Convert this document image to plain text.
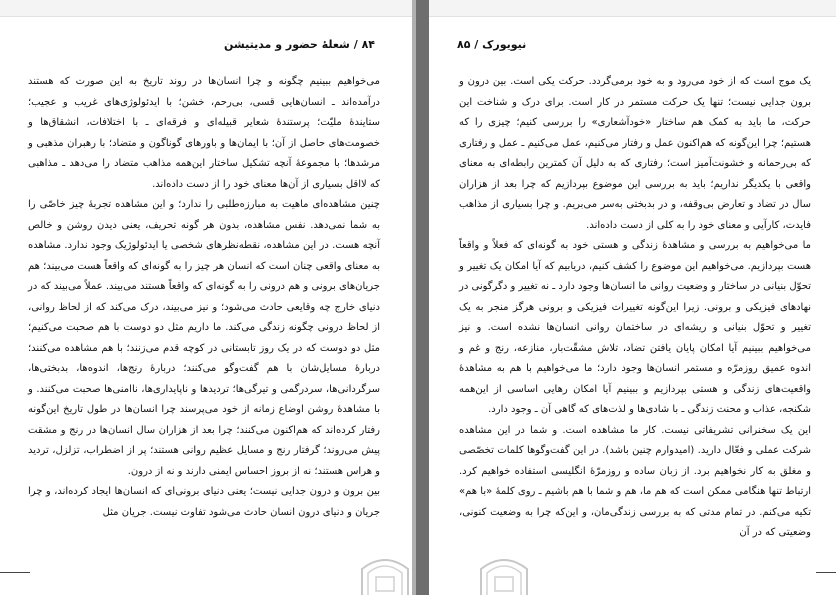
۸۴ / شعلهٔ حضور و مدیتیشن

می‌خواهیم ببینیم چگونه و چرا انسان‌ها در روند تاریخ به این صورت که هستند درآمده‌اند ـ انسان‌هایی قسی، بی‌رحم، خشن؛ با ایدئولوژی‌های غریب و عجیب؛ ستایندهٔ ملیّت؛ پرستندهٔ شعایر قبیله‌ای و فرقه‌ای ـ با اختلافات، انشقاق‌ها و خصومت‌های حاصل از آن؛ با ایمان‌ها و باورهای گوناگون و متضاد؛ با رهبران مذهبی و مرشدها؛ با مجموعهٔ آنچه تشکیل ساختار این‌همه مذاهب متضاد را می‌دهد ـ مذاهبی که لااقل بسیاری از آن‌ها معنای خود را از دست داده‌اند.

چنین مشاهده‌ای ماهیت به مبارزه‌طلبی را ندارد؛ و این مشاهده تجربهٔ چیز خاصّی را به شما نمی‌دهد. نفس مشاهده، بدون هر گونه تحریف، یعنی دیدن روشن و خالص آنچه هست. در این مشاهده، نقطه‌نظرهای شخصی یا ایدئولوژیک وجود ندارد. مشاهده به معنای واقعی چنان است که انسان هر چیز را به گونه‌ای که واقعاً هست می‌بیند؛ هم جریان‌های برونی و هم درونی را به گونه‌ای که واقعاً هستند می‌بیند. عملاً می‌بیند که در دنیای خارج چه وقایعی حادث می‌شود؛ و نیز می‌بیند، درک می‌کند که از لحاظ روانی، از لحاظ درونی چگونه زندگی می‌کند. ما داریم مثل دو دوست با هم صحبت می‌کنیم؛ مثل دو دوست که در یک روز تابستانی در کوچه قدم می‌زنند؛ با هم مشاهده می‌کنند؛ دربارهٔ مسایل‌شان با هم گفت‌وگو می‌کنند؛ دربارهٔ رنج‌ها، اندوه‌ها، بدبختی‌ها، سرگردانی‌ها، سردرگمی و تیرگی‌ها؛ تردیدها و ناپایداری‌ها، ناامنی‌ها صحبت می‌کنند. و با مشاهدهٔ روشن اوضاع زمانه از خود می‌پرسند چرا انسان‌ها در طول تاریخ این‌گونه رفتار کرده‌اند که هم‌اکنون می‌کنند؛ چرا بعد از هزاران سال انسان‌ها در رنج و مشقت پیش می‌روند؛ گرفتار رنج و مسایل عظیم روانی هستند؛ پر از اضطراب، تزلزل، تردید و هراس هستند؛ نه از بروز احساس ایمنی دارند و نه از درون.

بین برون و درون جدایی نیست؛ یعنی دنیای برونی‌ای که انسان‌ها ایجاد کرده‌اند، و چرا جریان و دنیای درون انسان حادث می‌شود تفاوت نیست. جریان مثل

نیویورک / ۸۵

یک موج است که از خود می‌رود و به خود برمی‌گردد. حرکت یکی است. بین درون و برون جدایی نیست؛ تنها یک حرکت مستمر در کار است. برای درک و شناخت این حرکت، ما باید به کمک هم ساختار «خودآشعاری» را بررسی کنیم؛ چیزی را که هستیم؛ چرا این‌گونه که هم‌اکنون عمل و رفتار می‌کنیم، عمل می‌کنیم ـ عمل و رفتاری که بی‌رحمانه و خشونت‌آمیز است؛ رفتاری که به دلیل آن کمترین رابطه‌ای به معنای واقعی با یکدیگر نداریم؛ باید به بررسی این موضوع بپردازیم که چرا بعد از هزاران سال در تضاد و تعارض بی‌وقفه، و در بدبختی به‌سر می‌بریم. و چرا بسیاری از مذاهب فایدت، کارآیی و معنای خود را به کلی از دست داده‌اند.

ما می‌خواهیم به بررسی و مشاهدهٔ زندگی و هستی خود به گونه‌ای که فعلاً و واقعاً هست بپردازیم. می‌خواهیم این موضوع را کشف کنیم، دریابیم که آیا امکان یک تغییر و تحوّل بنیانی در ساختار و وضعیت روانی ما انسان‌ها وجود دارد ـ نه تغییر و دگرگونی در نهادهای فیزیکی و برونی. زیرا این‌گونه تغییرات فیزیکی و برونی هرگز منجر به یک تغییر و تحوّل بنیانی و ریشه‌ای در ساختمان روانی انسان‌ها نشده است. و نیز می‌خواهیم ببینیم آیا امکان پایان یافتن تضاد، تلاش مشقّت‌بار، منازعه، رنج و غم و اندوه عمیق روزمرّه و مستمر انسان‌ها وجود دارد؛ ما می‌خواهیم با هم به مشاهدهٔ واقعیت‌های زندگی و هستی بپردازیم و ببینیم آیا امکان رهایی اساسی از این‌همه شکنجه، عذاب و محنت زندگی ـ با شادی‌ها و لذت‌های که گاهی آن ـ وجود دارد.

این یک سخنرانی تشریفاتی نیست. کار ما مشاهده است. و شما در این مشاهده شرکت عملی و فعّال دارید. (امیدوارم چنین باشد). در این گفت‌وگوها کلمات تخصّصی و مغلق به کار نخواهیم برد. از زبان ساده و روزمرّهٔ انگلیسی استفاده خواهیم کرد. ارتباط تنها هنگامی ممکن است که هم ما، هم و شما با هم باشیم ـ روی کلمهٔ «با هم» تکیه می‌کنم. در تمام مدتی که به بررسی زندگی‌مان، و این‌که چرا به وضعیت کنونی، وضعیتی که در آن
